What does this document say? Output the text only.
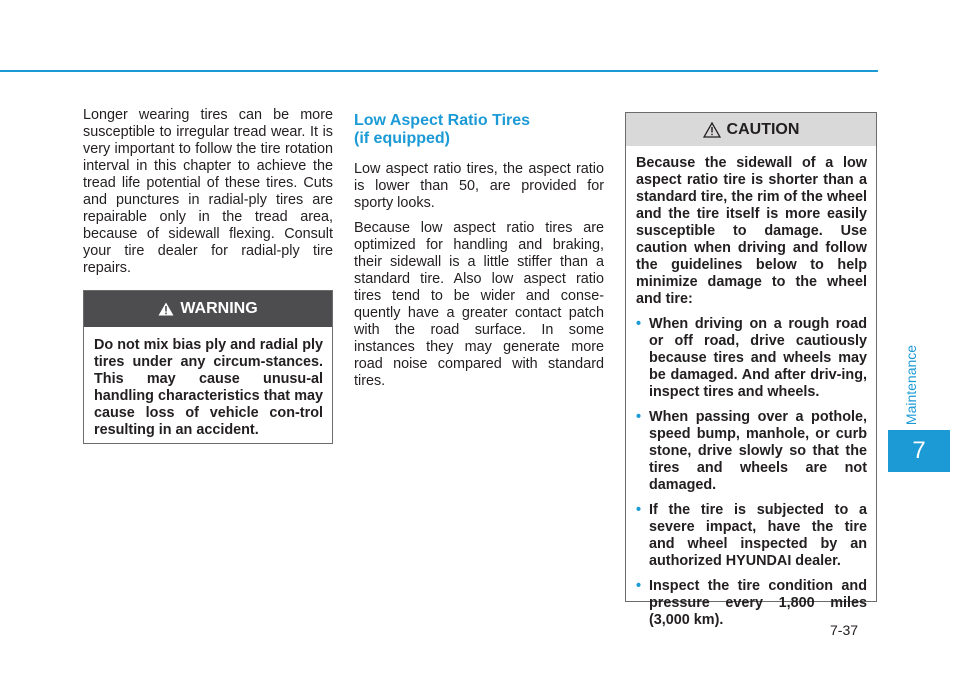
Maintenance
7

Longer wearing tires can be more susceptible to irregular tread wear. It is very important to follow the tire rotation interval in this chapter to achieve the tread life potential of these tires. Cuts and punctures in radial-ply tires are repairable only in the tread area, because of sidewall flexing. Consult your tire dealer for radial-ply tire repairs.

WARNING
Do not mix bias ply and radial ply tires under any circum-stances. This may cause unusu-al handling characteristics that may cause loss of vehicle con-trol resulting in an accident.
Low Aspect Ratio Tires
(if equipped)

Low aspect ratio tires, the aspect ratio is lower than 50, are provided for sporty looks.

Because low aspect ratio tires are optimized for handling and braking, their sidewall is a little stiffer than a standard tire. Also low aspect ratio tires tend to be wider and conse-quently have a greater contact patch with the road surface. In some instances they may generate more road noise compared with standard tires.

CAUTION

Because the sidewall of a low aspect ratio tire is shorter than a standard tire, the rim of the wheel and the tire itself is more easily susceptible to damage. Use caution when driving and follow the guidelines below to help minimize damage to the wheel and tire:

• When driving on a rough road or off road, drive cautiously because tires and wheels may be damaged. And after driv-ing, inspect tires and wheels.
• When passing over a pothole, speed bump, manhole, or curb stone, drive slowly so that the tires and wheels are not damaged.
• If the tire is subjected to a severe impact, have the tire and wheel inspected by an authorized HYUNDAI dealer.
• Inspect the tire condition and pressure every 1,800 miles (3,000 km).
7-37
